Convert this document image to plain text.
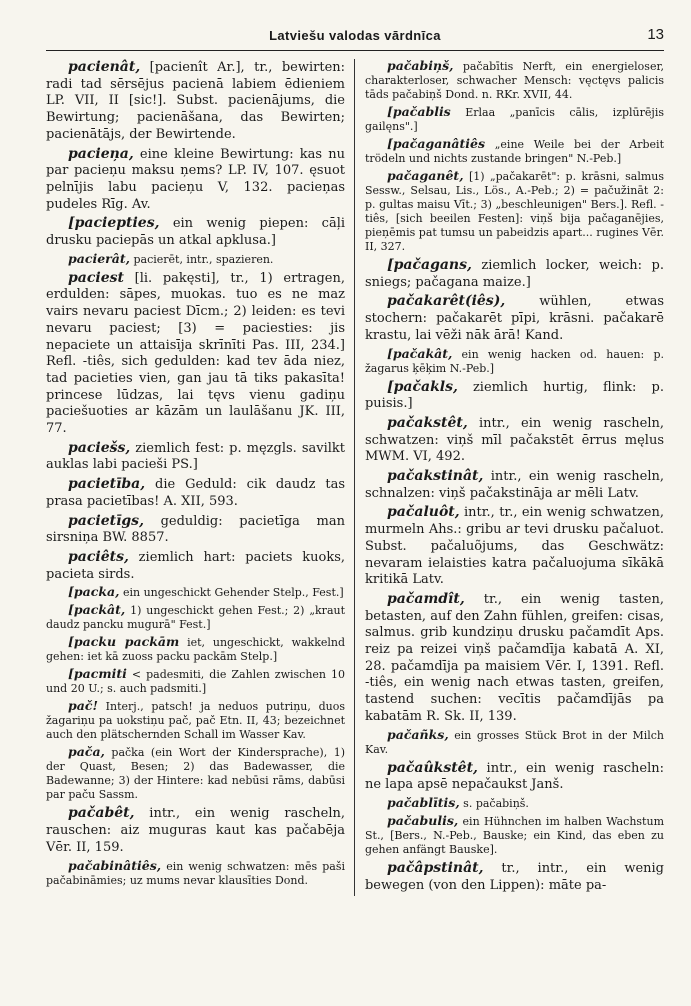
Latviešu valodas vārdnīca	13

pacienât, [pacienît Ar.], tr., bewirten: radi tad sērsējus pacienā labiem ēdieniem LP. VII, II [sic!]. Subst. pacienājums, die Bewirtung; pacienāšana, das Bewirten; pacienātājs, der Bewirtende.

pacieņa, eine kleine Bewirtung: kas nu par pacieņu maksu ņems? LP. IV, 107. ęsuot pelnījis labu pacieņu V, 132. pacieņas pudeles Rīg. Av.

[paciepties, ein wenig piepen: cāļi drusku paciepās un atkal apklusa.]

pacierât, pacierēt, intr., spazieren.

paciest [li. pakęsti], tr., 1) ertragen, erdulden: sāpes, muokas. tuo es ne maz vairs nevaru paciest Dīcm.; 2) leiden: es tevi nevaru paciest; [3) = paciesties: jis nepaciete un attaisīja skrīnīti Pas. III, 234.] Refl. -tiês, sich gedulden: kad tev āda niez, tad pacieties vien, gan jau tā tiks pakasīta! princese lūdzas, lai tęvs vienu gadiņu paciešuoties ar kāzām un laulāšanu JK. III, 77.

paciešs, ziemlich fest: p. męzgls. savilkt auklas labi pacieši PS.]

pacietība, die Geduld: cik daudz tas prasa pacietības! A. XII, 593.

pacietīgs, geduldig: pacietīga man sirsniņa BW. 8857.

paciêts, ziemlich hart: paciets kuoks, pacieta sirds.

[packa, ein ungeschickt Gehender Stelp., Fest.]

[packât, 1) ungeschickt gehen Fest.; 2) „kraut daudz pancku mugurā" Fest.]

[packu packām iet, ungeschickt, wakkelnd gehen: iet kā zuoss packu packām Stelp.]

[pacmiti < padesmiti, die Zahlen zwischen 10 und 20 U.; s. auch padsmiti.]

pač! Interj., patsch! ja neduos putriņu, duos žagariņu pa uokstiņu pač, pač Etn. II, 43; bezeichnet auch den plätschernden Schall im Wasser Kav.

pača, pačka (ein Wort der Kindersprache), 1) der Quast, Besen; 2) das Badewasser, die Badewanne; 3) der Hintere: kad nebūsi rāms, dabūsi par paču Sassm.

pačabêt, intr., ein wenig rascheln, rauschen: aiz muguras kaut kas pačabēja Vēr. II, 159.

pačabinâtiês, ein wenig schwatzen: mēs paši pačabināmies; uz mums nevar klausīties Dond.

pačabiņš, pačabītis Nerft, ein energieloser, charakterloser, schwacher Mensch: vęctęvs palicis tāds pačabiņš Dond. n. RKr. XVII, 44.

[pačablis Erlaa „panīcis cālis, izplūrējis gailęns".]

[pačaganâtiês „eine Weile bei der Arbeit trödeln und nichts zustande bringen" N.-Peb.]

pačaganêt, [1) „pačakarēt": p. krāsni, salmus Sessw., Selsau, Lis., Lös., A.-Peb.; 2) = pačužināt 2: p. gultas maisu Vīt.; 3) „beschleunigen" Bers.]. Refl. -tiês, [sich beeilen Festen]: viņš bija pačaganējies, pieņēmis pat tumsu un pabeidzis apart... rugines Vēr. II, 327.

[pačagans, ziemlich locker, weich: p. sniegs; pačagana maize.]

pačakarêt(iês), wühlen, etwas stochern: pačakarēt pīpi, krāsni. pačakarē krastu, lai vēži nāk ārā! Kand.

[pačakât, ein wenig hacken od. hauen: p. žagarus ķēķim N.-Peb.]

[pačakls, ziemlich hurtig, flink: p. puisis.]

pačakstêt, intr., ein wenig rascheln, schwatzen: viņš mīl pačakstēt ērrus męlus MWM. VI, 492.

pačakstinât, intr., ein wenig rascheln, schnalzen: viņš pačakstināja ar mēli Latv.

pačaluôt, intr., tr., ein wenig schwatzen, murmeln Ahs.: gribu ar tevi drusku pačaluot. Subst. pačaluõjums, das Geschwätz: nevaram ielaisties katra pačaluojuma sīkākā kritikā Latv.

pačamdît, tr., ein wenig tasten, betasten, auf den Zahn fühlen, greifen: cisas, salmus. grib kundziņu drusku pačamdīt Aps. reiz pa reizei viņš pačamdīja kabatā A. XI, 28. pačamdīja pa maisiem Vēr. I, 1391. Refl. -tiês, ein wenig nach etwas tasten, greifen, tastend suchen: vecītis pačamdījās pa kabatām R. Sk. II, 139.

pačañks, ein grosses Stück Brot in der Milch Kav.

pačaûkstêt, intr., ein wenig rascheln: ne lapa apsē nepačaukst Janš.

pačablītis, s. pačabiņš.

pačabulis, ein Hühnchen im halben Wachstum St., [Bers., N.-Peb., Bauske; ein Kind, das eben zu gehen anfängt Bauske].

pačâpstinât, tr., intr., ein wenig bewegen (von den Lippen): māte pa-
